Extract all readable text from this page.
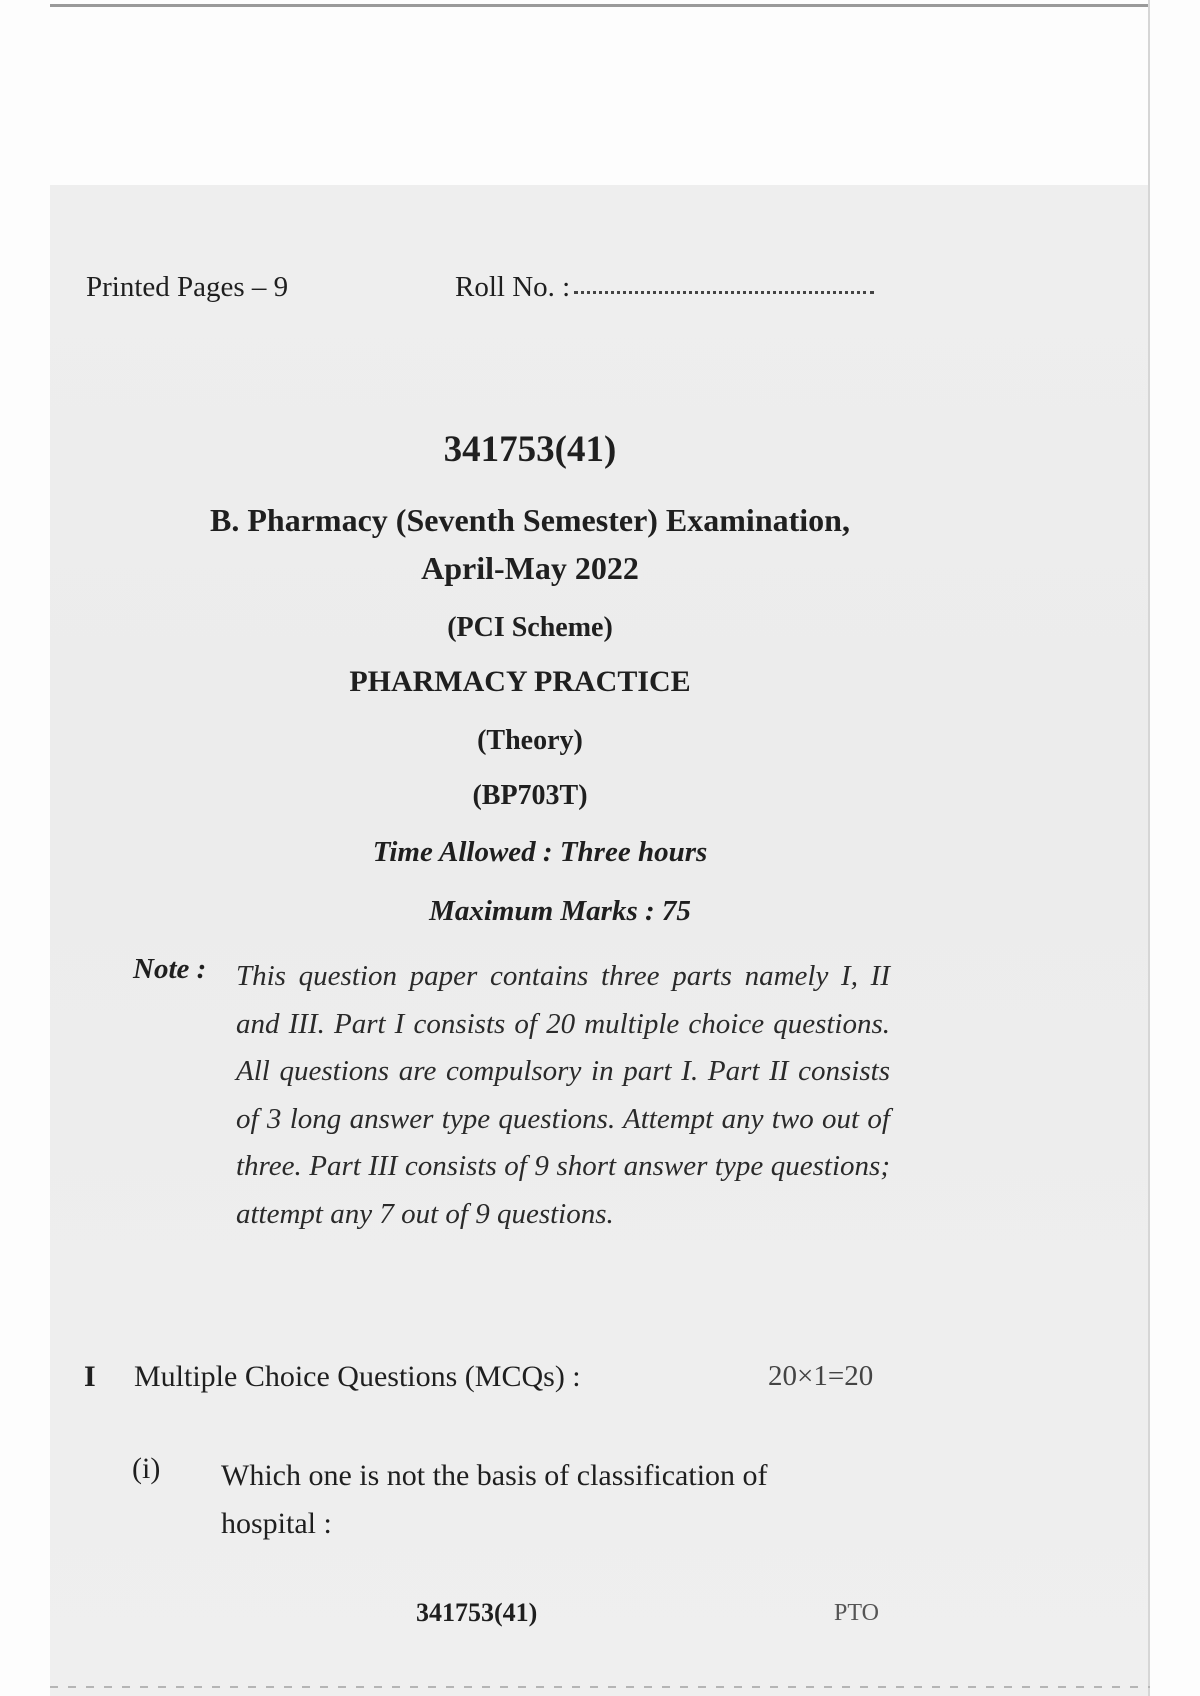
Printed Pages – 9	Roll No. :
341753(41)
B. Pharmacy (Seventh Semester) Examination,
April-May 2022
(PCI Scheme)
PHARMACY PRACTICE
(Theory)
(BP703T)
Time Allowed : Three hours
Maximum Marks : 75
Note : This question paper contains three parts namely I, II and III. Part I consists of 20 multiple choice questions. All questions are compulsory in part I. Part II consists of 3 long answer type questions. Attempt any two out of three. Part III consists of 9 short answer type questions; attempt any 7 out of 9 questions.
I Multiple Choice Questions (MCQs) :	20×1=20
(i) Which one is not the basis of classification of hospital :
341753(41)	PTO
